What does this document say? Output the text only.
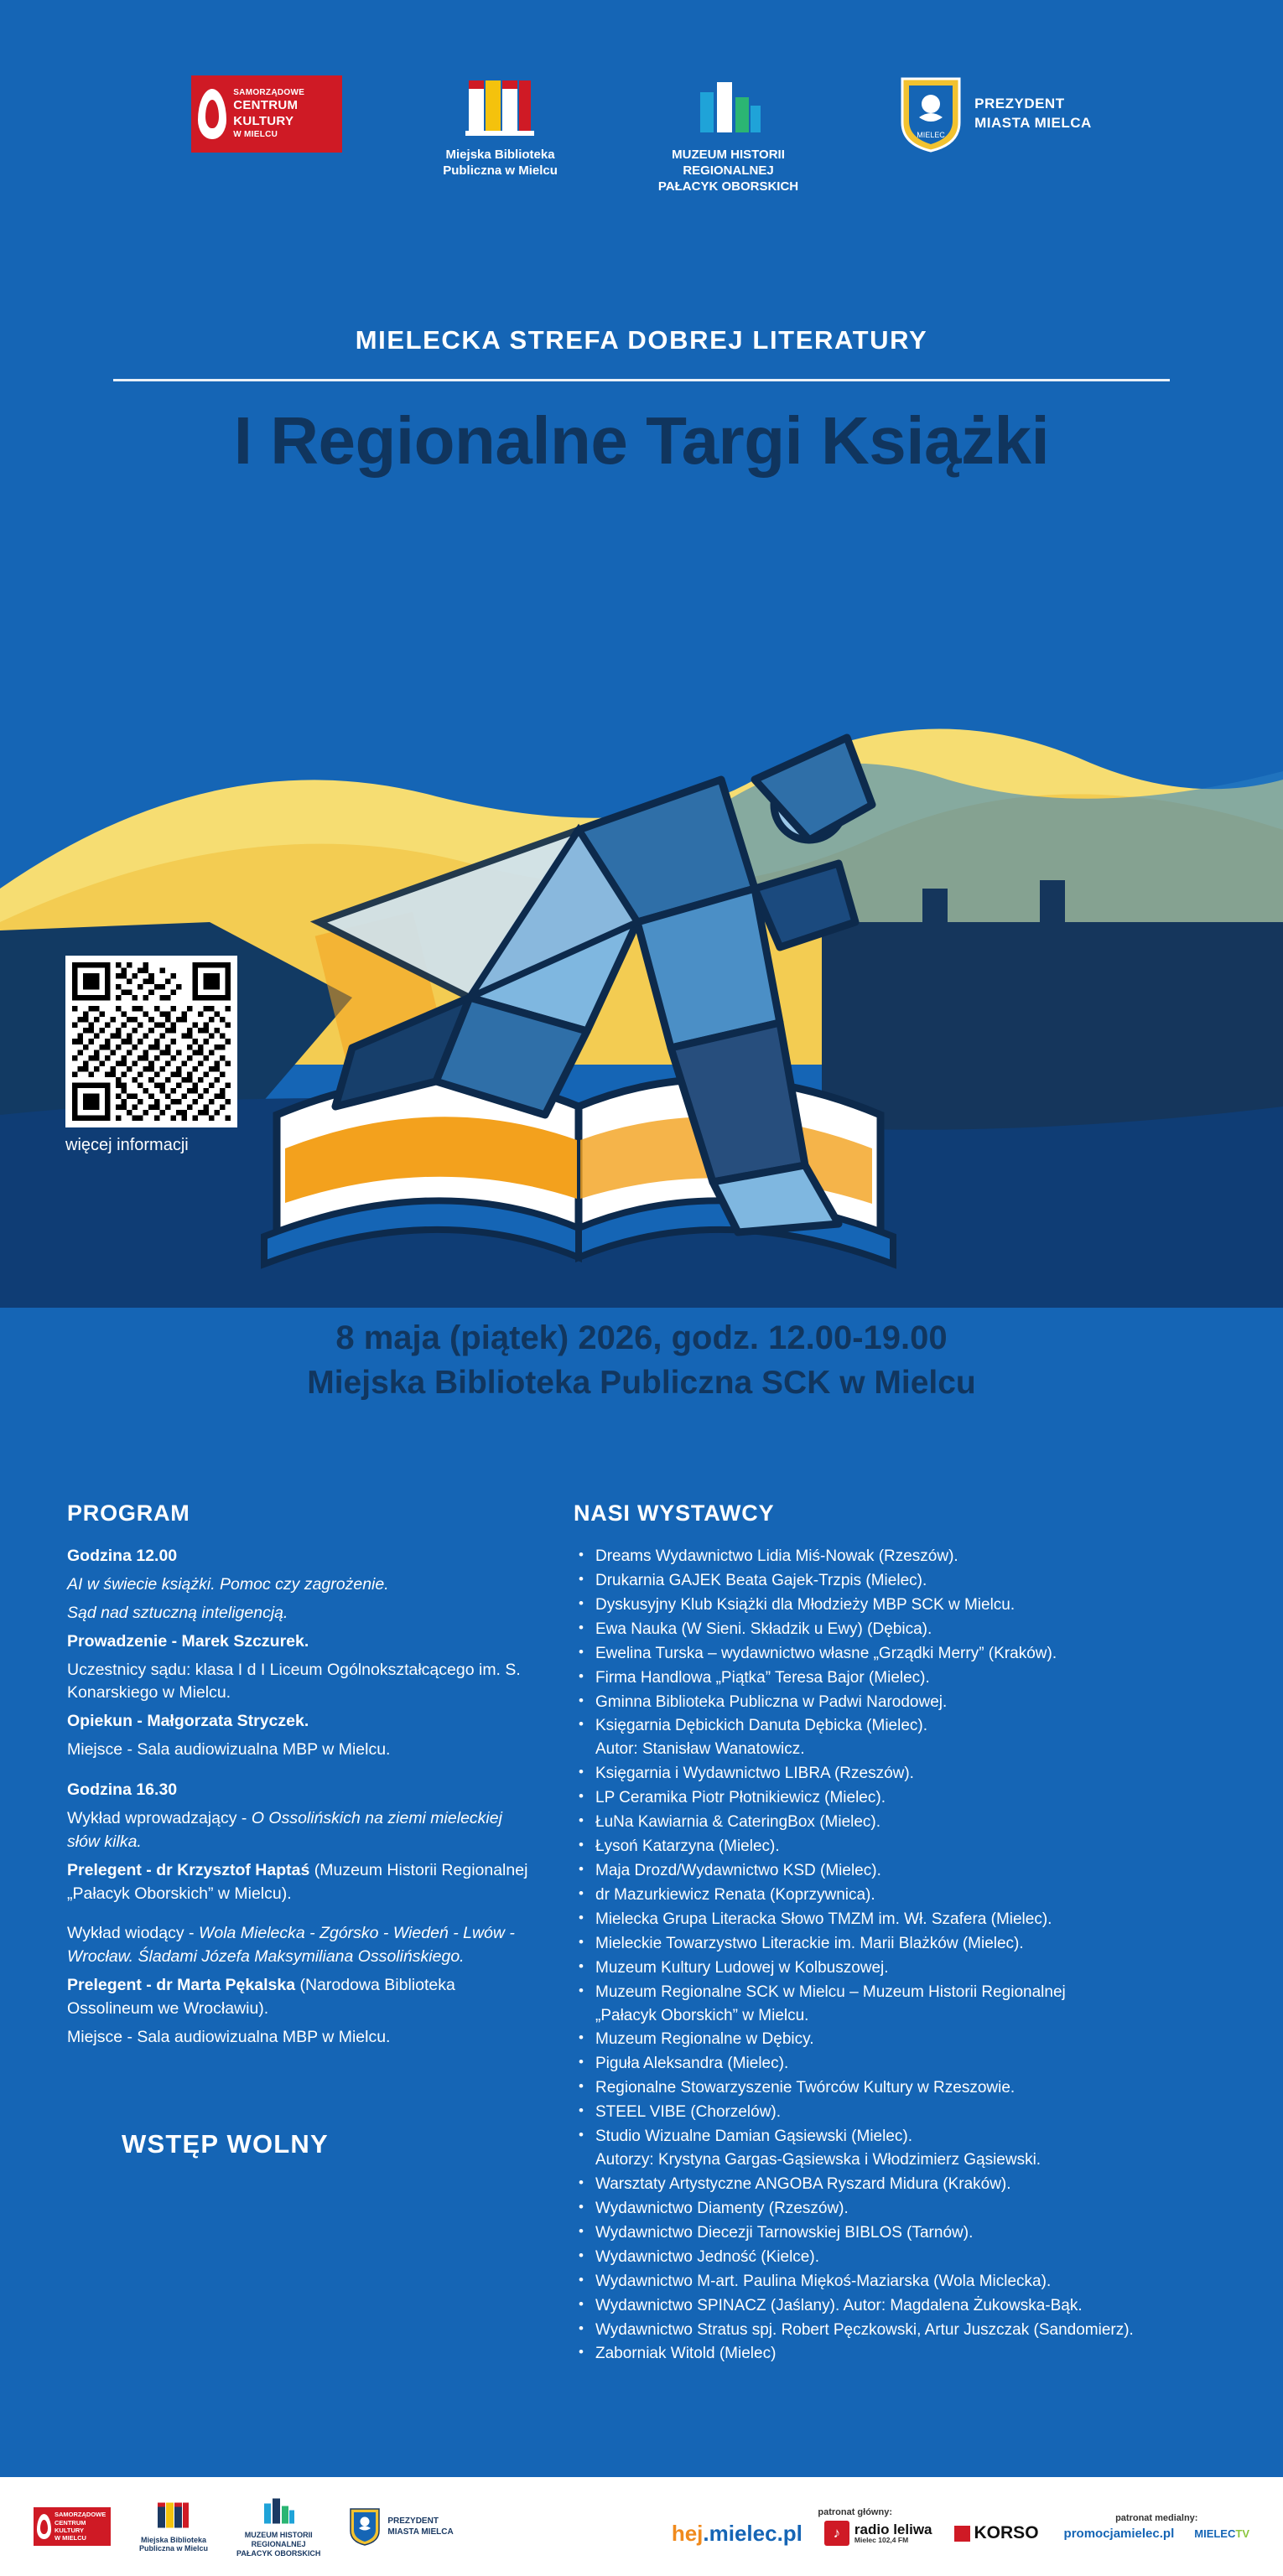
SAMORZĄDOWE
CENTRUM
KULTURY
W MIELCU
Miejska Biblioteka
Publiczna w Mielcu
MUZEUM HISTORII
REGIONALNEJ
PAŁACYK OBORSKICH
MIELEC
PREZYDENT
MIASTA MIELCA
MIELECKA STREFA DOBREJ LITERATURY
I Regionalne Targi Książki
więcej informacji
8 maja (piątek) 2026, godz. 12.00-19.00
Miejska Biblioteka Publiczna SCK w Mielcu
PROGRAM

Godzina 12.00

AI w świecie książki. Pomoc czy zagrożenie.

Sąd nad sztuczną inteligencją.

Prowadzenie - Marek Szczurek.

Uczestnicy sądu: klasa I d I Liceum Ogólnokształcącego im. S. Konarskiego w Mielcu.

Opiekun - Małgorzata Stryczek.

Miejsce - Sala audiowizualna MBP w Mielcu.

Godzina 16.30

Wykład wprowadzający - O Ossolińskich na ziemi mieleckiej słów kilka.

Prelegent - dr Krzysztof Haptaś (Muzeum Historii Regionalnej „Pałacyk Oborskich” w Mielcu).

Wykład wiodący - Wola Mielecka - Zgórsko - Wiedeń - Lwów - Wrocław. Śladami Józefa Maksymiliana Ossolińskiego.

Prelegent - dr Marta Pękalska (Narodowa Biblioteka Ossolineum we Wrocławiu).

Miejsce - Sala audiowizualna MBP w Mielcu.

NASI WYSTAWCY
• Dreams Wydawnictwo Lidia Miś-Nowak (Rzeszów).
• Drukarnia GAJEK Beata Gajek-Trzpis (Mielec).
• Dyskusyjny Klub Książki dla Młodzieży MBP SCK w Mielcu.
• Ewa Nauka (W Sieni. Składzik u Ewy) (Dębica).
• Ewelina Turska – wydawnictwo własne „Grządki Merry” (Kraków).
• Firma Handlowa „Piątka” Teresa Bajor (Mielec).
• Gminna Biblioteka Publiczna w Padwi Narodowej.
• Księgarnia Dębickich Danuta Dębicka (Mielec).
Autor: Stanisław Wanatowicz.
• Księgarnia i Wydawnictwo LIBRA (Rzeszów).
• LP Ceramika Piotr Płotnikiewicz (Mielec).
• ŁuNa Kawiarnia & CateringBox (Mielec).
• Łysoń Katarzyna (Mielec).
• Maja Drozd/Wydawnictwo KSD (Mielec).
• dr Mazurkiewicz Renata (Koprzywnica).
• Mielecka Grupa Literacka Słowo TMZM im. Wł. Szafera (Mielec).
• Mieleckie Towarzystwo Literackie im. Marii Blażków (Mielec).
• Muzeum Kultury Ludowej w Kolbuszowej.
• Muzeum Regionalne SCK w Mielcu – Muzeum Historii Regionalnej
„Pałacyk Oborskich” w Mielcu.
• Muzeum Regionalne w Dębicy.
• Piguła Aleksandra (Mielec).
• Regionalne Stowarzyszenie Twórców Kultury w Rzeszowie.
• STEEL VIBE (Chorzelów).
• Studio Wizualne Damian Gąsiewski (Mielec).
Autorzy: Krystyna Gargas-Gąsiewska i Włodzimierz Gąsiewski.
• Warsztaty Artystyczne ANGOBA Ryszard Midura (Kraków).
• Wydawnictwo Diamenty (Rzeszów).
• Wydawnictwo Diecezji Tarnowskiej BIBLOS (Tarnów).
• Wydawnictwo Jedność (Kielce).
• Wydawnictwo M-art. Paulina Miękoś-Maziarska (Wola Miclecka).
• Wydawnictwo SPINACZ (Jaślany). Autor: Magdalena Żukowska-Bąk.
• Wydawnictwo Stratus spj. Robert Pęczkowski, Artur Juszczak (Sandomierz).
• Zaborniak Witold (Mielec)
WSTĘP WOLNY
SAMORZĄDOWE
CENTRUM
KULTURY
W MIELCU	Miejska Biblioteka
Publiczna w Mielcu
MUZEUM HISTORII
REGIONALNEJ
PAŁACYK OBORSKICH
PREZYDENT
MIASTA MIELCA
patronat główny:
hej .mielec.pl	♪ radio leliwa
Mielec 102,4 FM	KORSO
patronat medialny:
promocjamielec.pl MIELECTV
